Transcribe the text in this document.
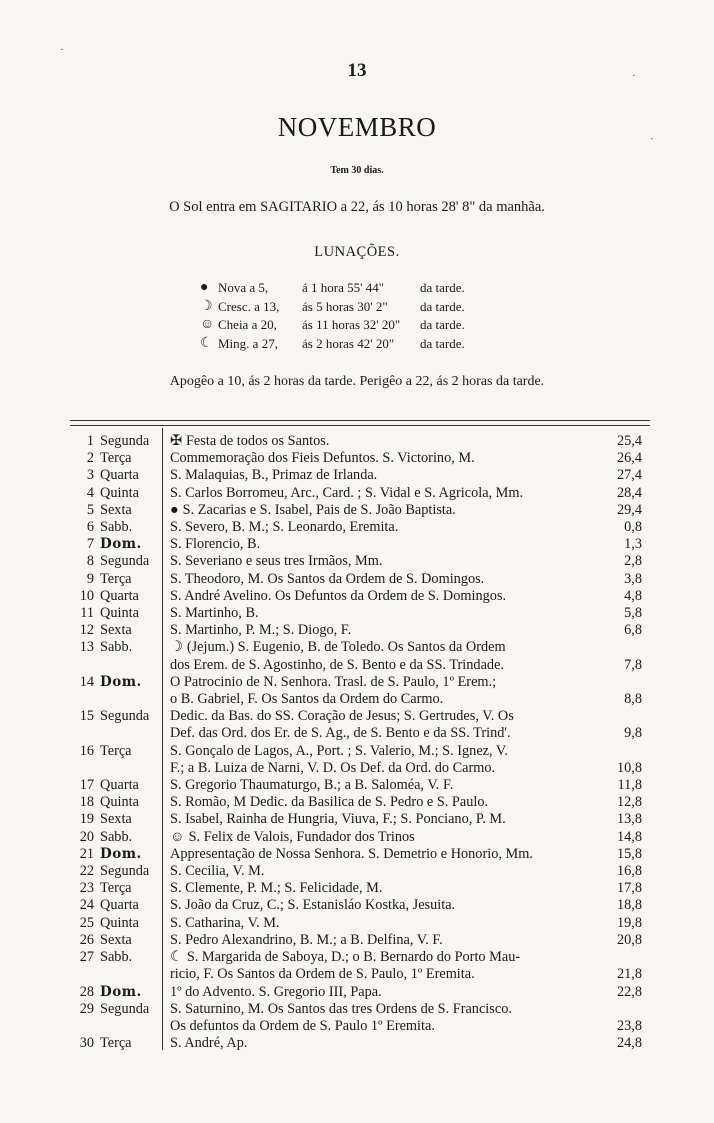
13
NOVEMBRO
Tem 30 dias.
O Sol entra em SAGITARIO a 22, ás 10 horas 28' 8" da manhãa.
LUNAÇÕES.
● Nova a 5,	á 1 hora 55' 44"	da tarde.
☽ Cresc. a 13,	ás 5 horas 30' 2"	da tarde.
☺ Cheia a 20,	ás 11 horas 32' 20"	da tarde.
☾ Ming. a 27,	ás 2 horas 42' 20"	da tarde.
Apogêo a 10, ás 2 horas da tarde. Perigêo a 22, ás 2 horas da tarde.
1 Segunda	✠ Festa de todos os Santos.	25,4
2 Terça	Commemoração dos Fieis Defuntos. S. Victorino, M.	26,4
3 Quarta	S. Malaquias, B., Primaz de Irlanda.	27,4
4 Quinta	S. Carlos Borromeu, Arc., Card. ; S. Vidal e S. Agricola, Mm.	28,4
5 Sexta	● S. Zacarias e S. Isabel, Pais de S. João Baptista.	29,4
6 Sabb.	S. Severo, B. M.; S. Leonardo, Eremita.	0,8
7 Dom.	S. Florencio, B.	1,3
8 Segunda	S. Severiano e seus tres Irmãos, Mm.	2,8
9 Terça	S. Theodoro, M. Os Santos da Ordem de S. Domingos.	3,8
10 Quarta	S. André Avelino. Os Defuntos da Ordem de S. Domingos.	4,8
11 Quinta	S. Martinho, B.	5,8
12 Sexta	S. Martinho, P. M.; S. Diogo, F.	6,8
13 Sabb.	☽ (Jejum.) S. Eugenio, B. de Toledo. Os Santos da Ordem
dos Erem. de S. Agostinho, de S. Bento e da SS. Trindade.	7,8
14 Dom.	O Patrocinio de N. Senhora. Trasl. de S. Paulo, 1º Erem.;
o B. Gabriel, F. Os Santos da Ordem do Carmo.	8,8
15 Segunda	Dedic. da Bas. do SS. Coração de Jesus; S. Gertrudes, V. Os
Def. das Ord. dos Er. de S. Ag., de S. Bento e da SS. Trind'.	9,8
16 Terça	S. Gonçalo de Lagos, A., Port. ; S. Valerio, M.; S. Ignez, V.
F.; a B. Luiza de Narni, V. D. Os Def. da Ord. do Carmo.	10,8
17 Quarta	S. Gregorio Thaumaturgo, B.; a B. Saloméa, V. F.	11,8
18 Quinta	S. Romão, M Dedic. da Basilica de S. Pedro e S. Paulo.	12,8
19 Sexta	S. Isabel, Rainha de Hungria, Viuva, F.; S. Ponciano, P. M.	13,8
20 Sabb.	☺ S. Felix de Valois, Fundador dos Trinos	14,8
21 Dom.	Appresentação de Nossa Senhora. S. Demetrio e Honorio, Mm.	15,8
22 Segunda	S. Cecilia, V. M.	16,8
23 Terça	S. Clemente, P. M.; S. Felicidade, M.	17,8
24 Quarta	S. João da Cruz, C.; S. Estanisláo Kostka, Jesuita.	18,8
25 Quinta	S. Catharina, V. M.	19,8
26 Sexta	S. Pedro Alexandrino, B. M.; a B. Delfina, V. F.	20,8
27 Sabb.	☾ S. Margarida de Saboya, D.; o B. Bernardo do Porto Mau-
ricio, F. Os Santos da Ordem de S. Paulo, 1º Eremita.	21,8
28 Dom.	1º do Advento. S. Gregorio III, Papa.	22,8
29 Segunda	S. Saturnino, M. Os Santos das tres Ordens de S. Francisco.
Os defuntos da Ordem de S. Paulo 1º Eremita.	23,8
30 Terça	S. André, Ap.	24,8
·
·
ˏ
